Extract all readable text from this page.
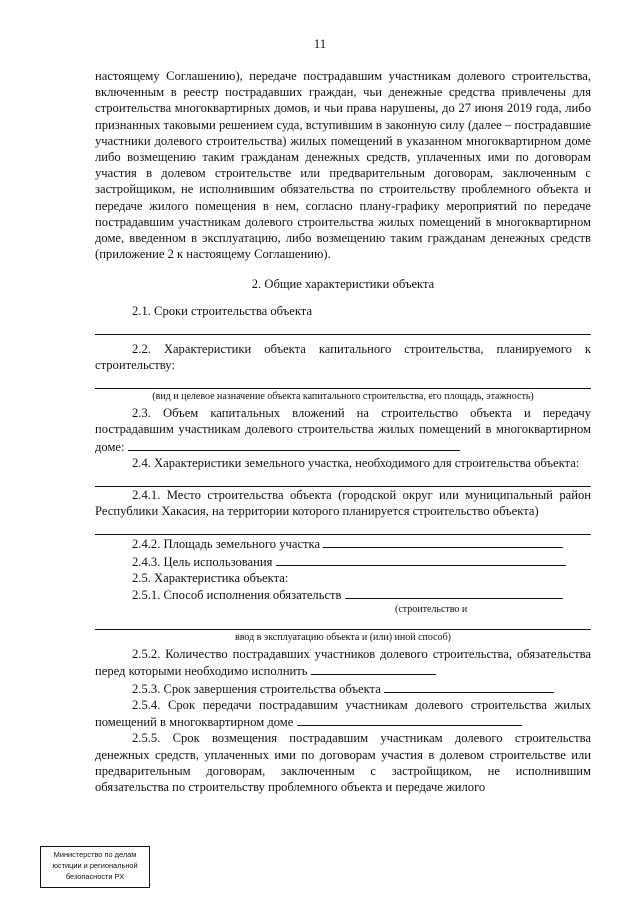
11

настоящему Соглашению), передаче пострадавшим участникам долевого строительства, включенным в реестр пострадавших граждан, чьи денежные средства привлечены для строительства многоквартирных домов, и чьи права нарушены, до 27 июня 2019 года, либо признанных таковыми решением суда, вступившим в законную силу (далее – пострадавшие участники долевого строительства) жилых помещений в указанном многоквартирном доме либо возмещению таким гражданам денежных средств, уплаченных ими по договорам участия в долевом строительстве или предварительным договорам, заключенным с застройщиком, не исполнившим обязательства по строительству проблемного объекта и передаче жилого помещения в нем, согласно плану-графику мероприятий по передаче пострадавшим участникам долевого строительства жилых помещений в многоквартирном доме, введенном в эксплуатацию, либо возмещению таким гражданам денежных средств (приложение 2 к настоящему Соглашению).

2. Общие характеристики объекта

2.1. Сроки строительства объекта

2.2. Характеристики объекта капитального строительства, планируемого к строительству:

(вид и целевое назначение объекта капитального строительства, его площадь, этажность)

2.3. Объем капитальных вложений на строительство объекта и передачу пострадавшим участникам долевого строительства жилых помещений в многоквартирном доме:

2.4. Характеристики земельного участка, необходимого для строительства объекта:

2.4.1. Место строительства объекта (городской округ или муниципальный район Республики Хакасия, на территории которого планируется строительство объекта)

2.4.2. Площадь земельного участка

2.4.3. Цель использования

2.5. Характеристика объекта:

2.5.1. Способ исполнения обязательств

(строительство и
ввод в эксплуатацию объекта и (или) иной способ)

2.5.2. Количество пострадавших участников долевого строительства, обязательства перед которыми необходимо исполнить

2.5.3. Срок завершения строительства объекта

2.5.4. Срок передачи пострадавшим участникам долевого строительства жилых помещений в многоквартирном доме

2.5.5. Срок возмещения пострадавшим участникам долевого строительства денежных средств, уплаченных ими по договорам участия в долевом строительстве или предварительным договорам, заключенным с застройщиком, не исполнившим обязательства по строительству проблемного объекта и передаче жилого

Министерство по делам
юстиции и региональной
безопасности РХ
